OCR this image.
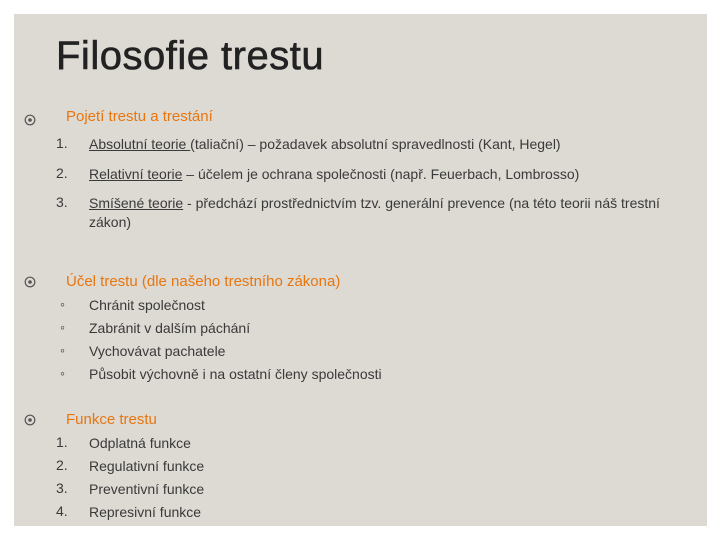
Filosofie trestu
Pojetí trestu a trestání
1.	Absolutní teorie (taliační) – požadavek absolutní spravedlnosti (Kant, Hegel)
2.	Relativní teorie – účelem je ochrana společnosti (např. Feuerbach, Lombrosso)
3.	Smíšené teorie - předchází prostřednictvím tzv. generální prevence (na této teorii náš trestní zákon)
Účel trestu (dle našeho trestního zákona)
◦ Chránit společnost
◦ Zabránit v dalším páchání
◦ Vychovávat pachatele
◦ Působit výchovně i na ostatní členy společnosti
Funkce trestu
1.	Odplatná funkce
2.	Regulativní funkce
3.	Preventivní funkce
4.	Represivní funkce
